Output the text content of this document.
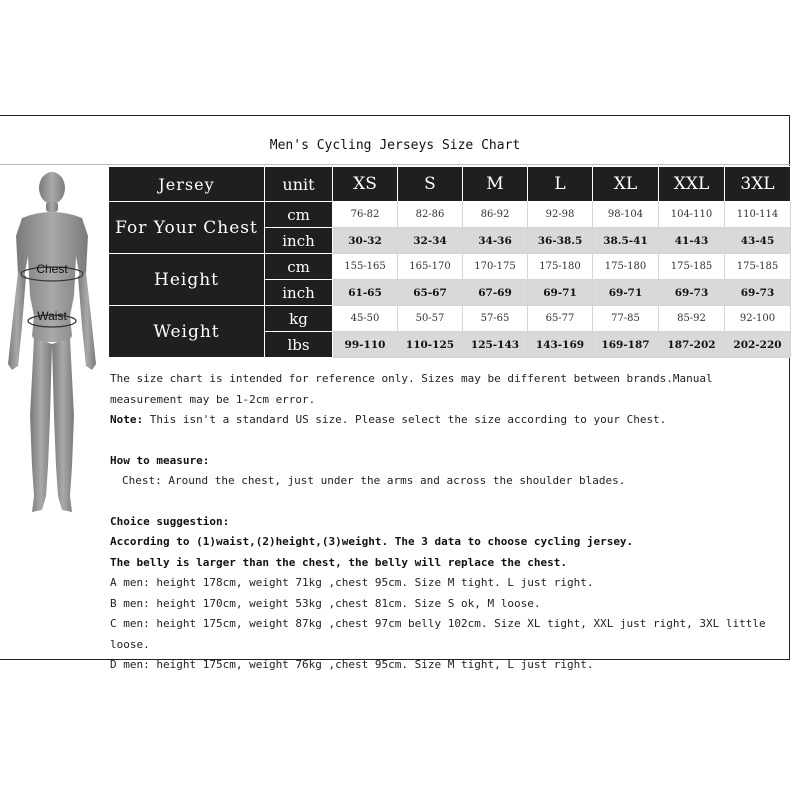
Men's Cycling Jerseys Size Chart
Chest
Waist
Jersey	unit	XS	S	M	L	XL	XXL	3XL
For Your Chest	cm	76-82	82-86	86-92	92-98	98-104	104-110	110-114
	inch	30-32	32-34	34-36	36-38.5	38.5-41	41-43	43-45
Height	cm	155-165	165-170	170-175	175-180	175-180	175-185	175-185
	inch	61-65	65-67	67-69	69-71	69-71	69-73	69-73
Weight	kg	45-50	50-57	57-65	65-77	77-85	85-92	92-100
	lbs	99-110	110-125	125-143	143-169	169-187	187-202	202-220

The size chart is intended for reference only. Sizes may be different between brands.Manual measurement may be 1-2cm error.

Note: This isn't a standard US size. Please select the size according to your Chest.

How to measure:

Chest: Around the chest, just under the arms and across the shoulder blades.

Choice suggestion:

According to (1)waist,(2)height,(3)weight. The 3 data to choose cycling jersey.

The belly is larger than the chest, the belly will replace the chest.

A men: height 178cm, weight 71kg ,chest 95cm. Size M tight. L just right.

B men: height 170cm, weight 53kg ,chest 81cm. Size S ok, M loose.

C men: height 175cm, weight 87kg ,chest 97cm belly 102cm. Size XL tight, XXL just right, 3XL little loose.

D men: height 175cm, weight 76kg ,chest 95cm. Size M tight, L just right.
